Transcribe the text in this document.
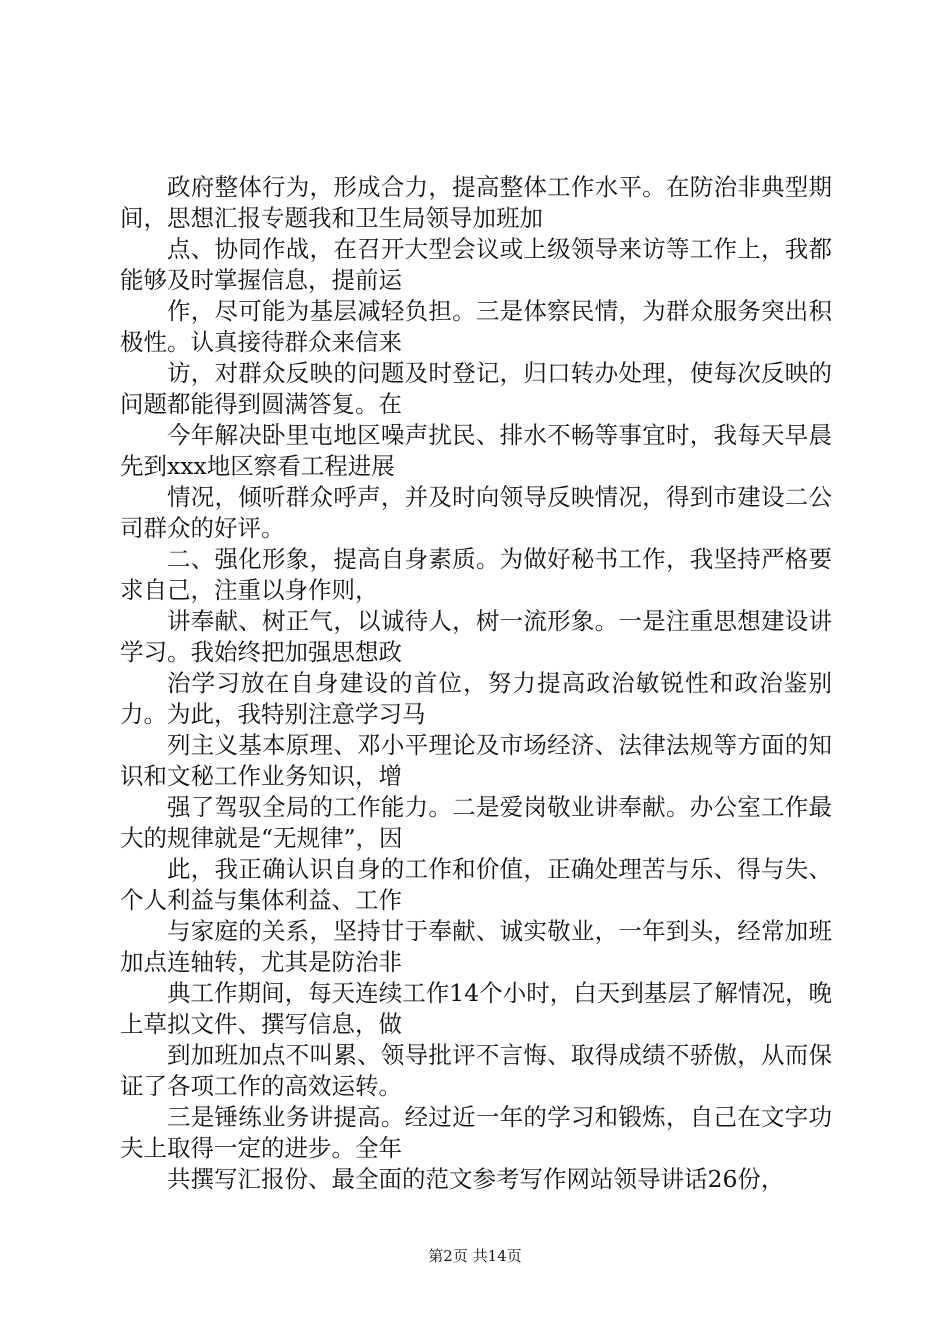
政府整体行为，形成合力，提高整体工作水平。在防治非典型期间，思想汇报专题我和卫生局领导加班加

点、协同作战，在召开大型会议或上级领导来访等工作上，我都能够及时掌握信息，提前运

作，尽可能为基层减轻负担。三是体察民情，为群众服务突出积极性。认真接待群众来信来

访，对群众反映的问题及时登记，归口转办处理，使每次反映的问题都能得到圆满答复。在

今年解决卧里屯地区噪声扰民、排水不畅等事宜时，我每天早晨先到xxx地区察看工程进展

情况，倾听群众呼声，并及时向领导反映情况，得到市建设二公司群众的好评。

二、强化形象，提高自身素质。为做好秘书工作，我坚持严格要求自己，注重以身作则，

讲奉献、树正气，以诚待人，树一流形象。一是注重思想建设讲学习。我始终把加强思想政

治学习放在自身建设的首位，努力提高政治敏锐性和政治鉴别力。为此，我特别注意学习马

列主义基本原理、邓小平理论及市场经济、法律法规等方面的知识和文秘工作业务知识，增

强了驾驭全局的工作能力。二是爱岗敬业讲奉献。办公室工作最大的规律就是“无规律”，因

此，我正确认识自身的工作和价值，正确处理苦与乐、得与失、个人利益与集体利益、工作

与家庭的关系，坚持甘于奉献、诚实敬业，一年到头，经常加班加点连轴转，尤其是防治非

典工作期间，每天连续工作14个小时，白天到基层了解情况，晚上草拟文件、撰写信息，做

到加班加点不叫累、领导批评不言悔、取得成绩不骄傲，从而保证了各项工作的高效运转。

三是锤练业务讲提高。经过近一年的学习和锻炼，自己在文字功夫上取得一定的进步。全年

共撰写汇报份、最全面的范文参考写作网站领导讲话26份，

第2页 共14页
